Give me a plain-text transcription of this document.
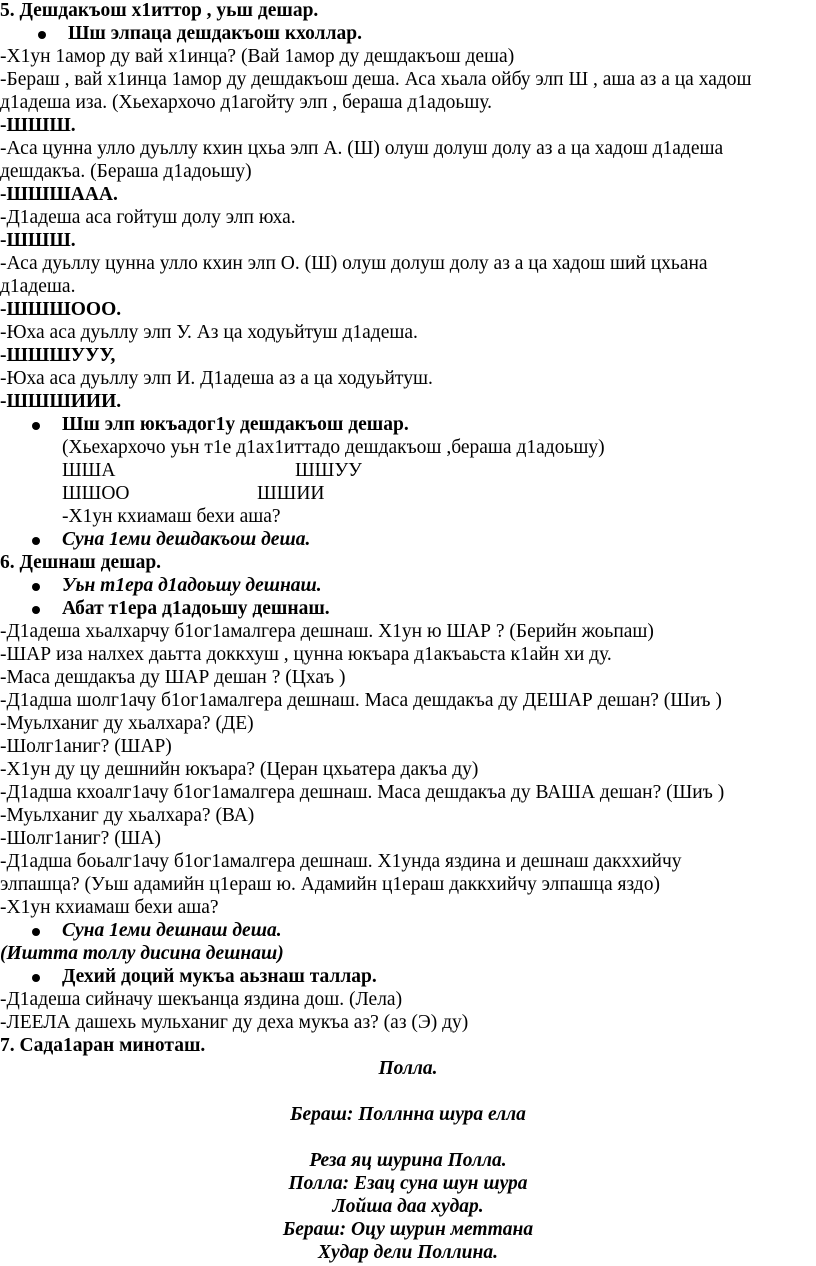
5. Дешдакъош х1иттор , уьш дешар.
Шш элпаца дешдакъош кхоллар.
-Х1ун 1амор ду вай х1инца? (Вай 1амор ду дешдакъош деша)
-Бераш , вай х1инца 1амор ду дешдакъош деша. Аса хьала ойбу элп Ш , аша аз а ца хадош
д1адеша иза. (Хьехархочо д1агойту элп , бераша д1адоьшу.
-ШШШ.
-Аса цунна улло дуьллу кхин цхьа элп А. (Ш) олуш долуш долу аз а ца хадош д1адеша
дешдакъа. (Бераша д1адоьшу)
-ШШШААА.
-Д1адеша аса гойтуш долу элп юха.
-ШШШ.
-Аса дуьллу цунна улло кхин элп О. (Ш) олуш долуш долу аз а ца хадош ший цхьана
д1адеша.
-ШШШООО.
-Юха аса дуьллу элп У. Аз ца ходуьйтуш д1адеша.
-ШШШУУУ,
-Юха аса дуьллу элп И. Д1адеша аз а ца ходуьйтуш.
-ШШШИИИ.
Шш элп юкъадог1у дешдакъош дешар.
(Хьехархочо уьн т1е д1ах1иттадо дешдакъош ,бераша д1адоьшу)
ШША	ШШУУ
ШШОО	ШШИИ
-Х1ун кхиамаш бехи аша?
Суна 1еми дешдакъош деша.
6. Дешнаш дешар.
Уьн т1ера д1адоьшу дешнаш.
Абат т1ера д1адоьшу дешнаш.
-Д1адеша хьалхарчу б1ог1амалгера дешнаш. Х1ун ю ШАР ? (Берийн жоьпаш)
-ШАР иза налхех даьтта доккхуш , цунна юкъара д1акъаьста к1айн хи ду.
-Маса дешдакъа ду ШАР дешан ? (Цхаъ )
-Д1адша шолг1ачу б1ог1амалгера дешнаш. Маса дешдакъа ду ДЕШАР дешан? (Шиъ )
-Муьлханиг ду хьалхара? (ДЕ)
-Шолг1аниг? (ШАР)
-Х1ун ду цу дешнийн юкъара? (Церан цхьатера дакъа ду)
-Д1адша кхоалг1ачу б1ог1амалгера дешнаш. Маса дешдакъа ду ВАША дешан? (Шиъ )
-Муьлханиг ду хьалхара? (ВА)
-Шолг1аниг? (ША)
-Д1адша боьалг1ачу б1ог1амалгера дешнаш. Х1унда яздина и дешнаш дакххийчу
элпашца? (Уьш адамийн ц1ераш ю. Адамийн ц1ераш даккхийчу элпашца яздо)
-Х1ун кхиамаш бехи аша?
Суна 1еми дешнаш деша.
(Иштта толлу дисина дешнаш)
Дехий доций мукъа аьзнаш таллар.
-Д1адеша сийначу шекъанца яздина дош. (Лела)
-ЛЕЕЛА дашехь мульханиг ду деха мукъа аз? (аз (Э) ду)
7. Сада1аран миноташ.
Полла.
Бераш: Поллнна шура елла
Реза яц шурина Полла.
Полла: Езац суна шун шура
Лойша даа худар.
Бераш: Оцу шурин меттана
Худар дели Поллина.
